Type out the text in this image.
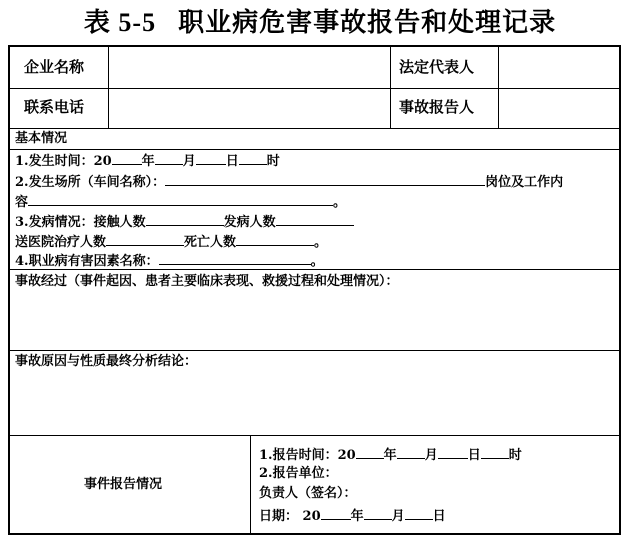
表 5-5 职业病危害事故报告和处理记录
企业名称	法定代表人
联系电话	事故报告人
基本情况
1.发生时间：20 年 月 日 时
2.发生场所（车间名称）：	岗位及工作内
容	。
3.发病情况：接触人数	发病人数
送医院治疗人数	死亡人数	。
4.职业病有害因素名称：	。
事故经过（事件起因、患者主要临床表现、救援过程和处理情况）：
事故原因与性质最终分析结论：
事件报告情况
1.报告时间：20 年 月 日 时
2.报告单位：
负责人（签名）：
日期： 20 年 月 日
